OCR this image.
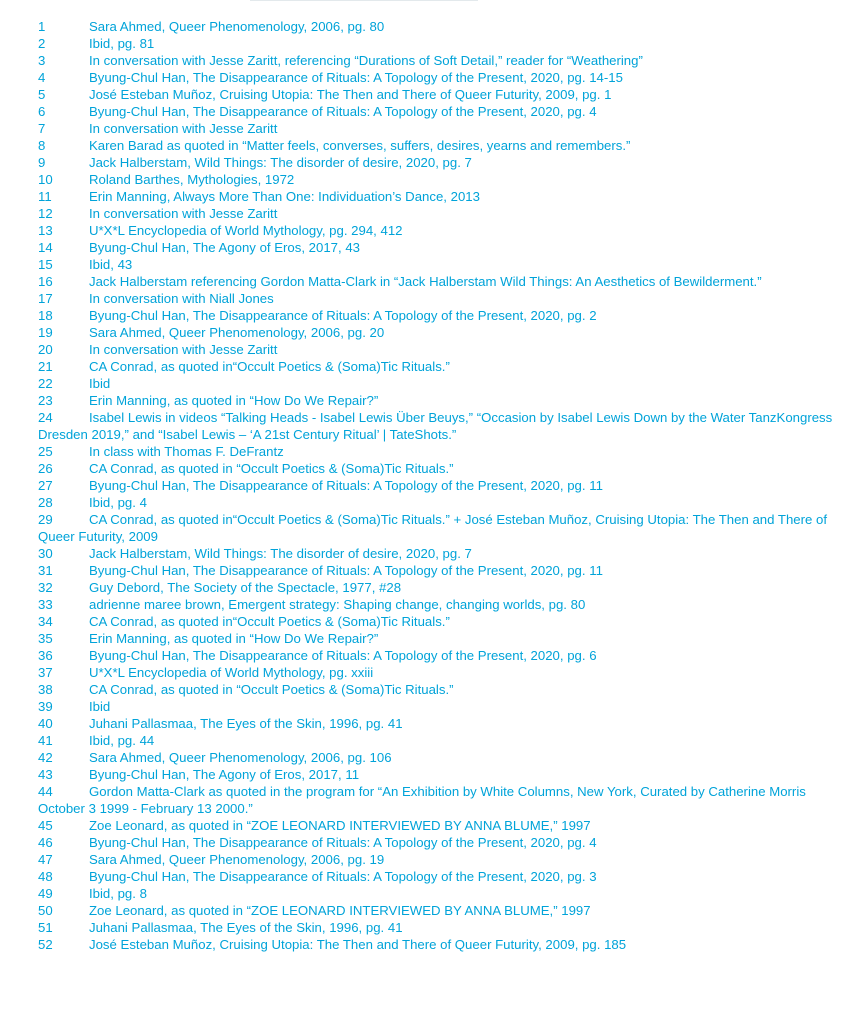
1	Sara Ahmed, Queer Phenomenology, 2006, pg. 80
2	Ibid, pg. 81
3	In conversation with Jesse Zaritt, referencing “Durations of Soft Detail,” reader for “Weathering”
4	Byung-Chul Han, The Disappearance of Rituals: A Topology of the Present, 2020, pg. 14-15
5	José Esteban Muñoz, Cruising Utopia: The Then and There of Queer Futurity, 2009, pg. 1
6	Byung-Chul Han, The Disappearance of Rituals: A Topology of the Present, 2020, pg. 4
7	In conversation with Jesse Zaritt
8	Karen Barad as quoted in “Matter feels, converses, suffers, desires, yearns and remembers.”
9	Jack Halberstam, Wild Things: The disorder of desire, 2020, pg. 7
10	Roland Barthes, Mythologies, 1972
11	Erin Manning, Always More Than One: Individuation’s Dance, 2013
12	In conversation with Jesse Zaritt
13	U*X*L Encyclopedia of World Mythology, pg. 294, 412
14	Byung-Chul Han, The Agony of Eros, 2017, 43
15	Ibid, 43
16	Jack Halberstam referencing Gordon Matta-Clark in “Jack Halberstam Wild Things: An Aesthetics of Bewilderment.”
17	In conversation with Niall Jones
18	Byung-Chul Han, The Disappearance of Rituals: A Topology of the Present, 2020, pg. 2
19	Sara Ahmed, Queer Phenomenology, 2006, pg. 20
20	In conversation with Jesse Zaritt
21	CA Conrad, as quoted in“Occult Poetics & (Soma)Tic Rituals.”
22	Ibid
23	Erin Manning, as quoted in “How Do We Repair?”
24	Isabel Lewis in videos “Talking Heads - Isabel Lewis Über Beuys,” “Occasion by Isabel Lewis Down by the Water TanzKongress Dresden 2019,” and “Isabel Lewis – ‘A 21st Century Ritual’ | TateShots.”
25	In class with Thomas F. DeFrantz
26	CA Conrad, as quoted in “Occult Poetics & (Soma)Tic Rituals.”
27	Byung-Chul Han, The Disappearance of Rituals: A Topology of the Present, 2020, pg. 11
28	Ibid, pg. 4
29	CA Conrad, as quoted in“Occult Poetics & (Soma)Tic Rituals.” + José Esteban Muñoz, Cruising Utopia: The Then and There of Queer Futurity, 2009
30	Jack Halberstam, Wild Things: The disorder of desire, 2020, pg. 7
31	Byung-Chul Han, The Disappearance of Rituals: A Topology of the Present, 2020, pg. 11
32	Guy Debord, The Society of the Spectacle, 1977, #28
33	adrienne maree brown, Emergent strategy: Shaping change, changing worlds, pg. 80
34	CA Conrad, as quoted in“Occult Poetics & (Soma)Tic Rituals.”
35	Erin Manning, as quoted in “How Do We Repair?”
36	Byung-Chul Han, The Disappearance of Rituals: A Topology of the Present, 2020, pg. 6
37	U*X*L Encyclopedia of World Mythology, pg. xxiii
38	CA Conrad, as quoted in “Occult Poetics & (Soma)Tic Rituals.”
39	Ibid
40	Juhani Pallasmaa, The Eyes of the Skin, 1996, pg. 41
41	Ibid, pg. 44
42	Sara Ahmed, Queer Phenomenology, 2006, pg. 106
43	Byung-Chul Han, The Agony of Eros, 2017, 11
44	Gordon Matta-Clark as quoted in the program for “An Exhibition by White Columns, New York, Curated by Catherine Morris October 3 1999 - February 13 2000.”
45	Zoe Leonard, as quoted in “ZOE LEONARD INTERVIEWED BY ANNA BLUME,” 1997
46	Byung-Chul Han, The Disappearance of Rituals: A Topology of the Present, 2020, pg. 4
47	Sara Ahmed, Queer Phenomenology, 2006, pg. 19
48	Byung-Chul Han, The Disappearance of Rituals: A Topology of the Present, 2020, pg. 3
49	Ibid, pg. 8
50	Zoe Leonard, as quoted in “ZOE LEONARD INTERVIEWED BY ANNA BLUME,” 1997
51	Juhani Pallasmaa, The Eyes of the Skin, 1996, pg. 41
52	José Esteban Muñoz, Cruising Utopia: The Then and There of Queer Futurity, 2009, pg. 185
